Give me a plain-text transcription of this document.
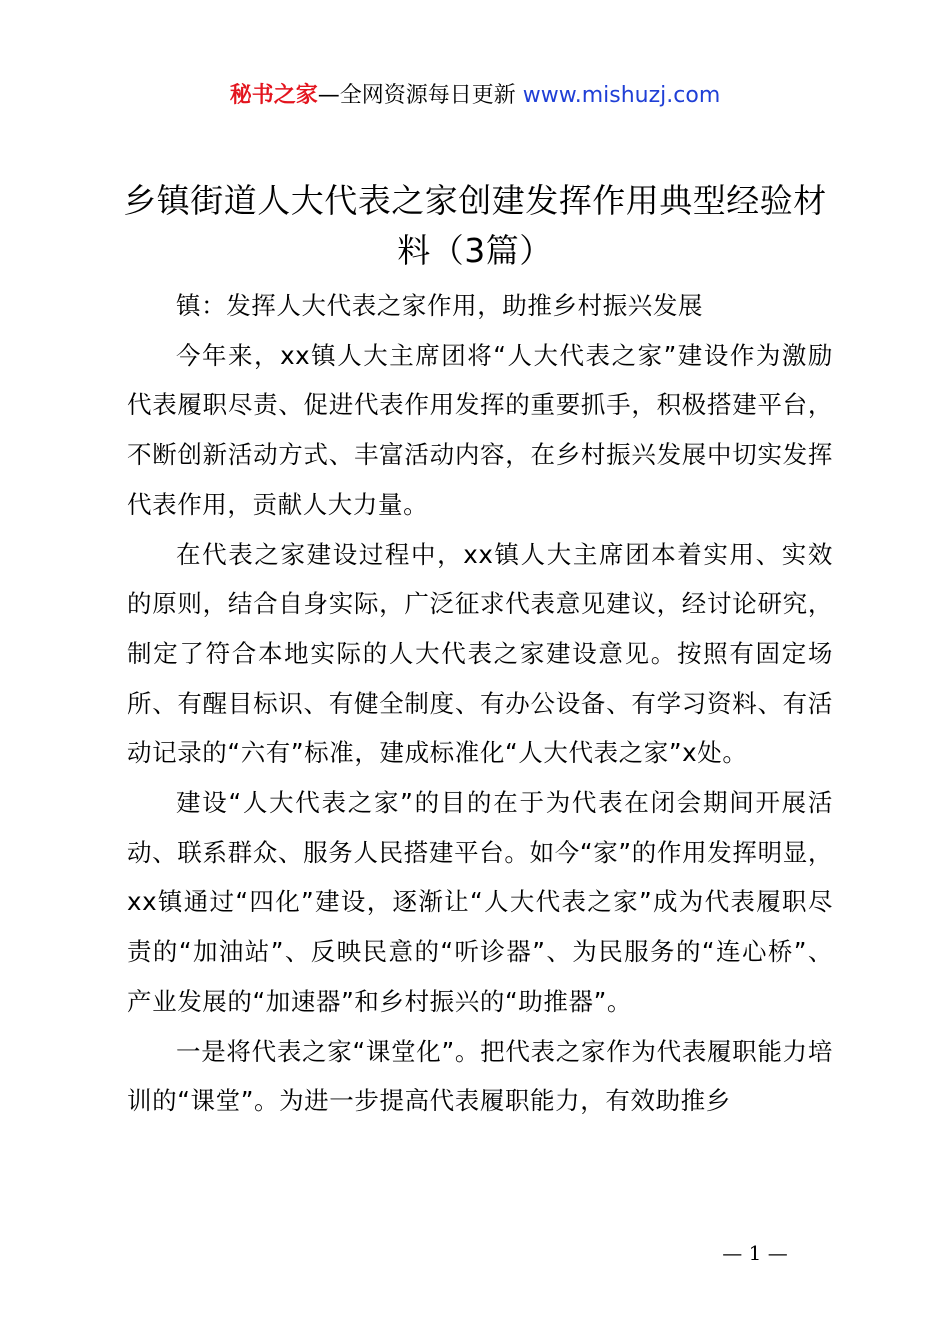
秘书之家—全网资源每日更新 www.mishuzj.com
乡镇街道人大代表之家创建发挥作用典型经验材料（3篇）

镇：发挥人大代表之家作用，助推乡村振兴发展

今年来，xx镇人大主席团将“人大代表之家”建设作为激励代表履职尽责、促进代表作用发挥的重要抓手，积极搭建平台，不断创新活动方式、丰富活动内容，在乡村振兴发展中切实发挥代表作用，贡献人大力量。

在代表之家建设过程中，xx镇人大主席团本着实用、实效的原则，结合自身实际，广泛征求代表意见建议，经讨论研究，制定了符合本地实际的人大代表之家建设意见。按照有固定场所、有醒目标识、有健全制度、有办公设备、有学习资料、有活动记录的“六有”标准，建成标准化“人大代表之家”x处。

建设“人大代表之家”的目的在于为代表在闭会期间开展活动、联系群众、服务人民搭建平台。如今“家”的作用发挥明显，xx镇通过“四化”建设，逐渐让“人大代表之家”成为代表履职尽责的“加油站”、反映民意的“听诊器”、为民服务的“连心桥”、产业发展的“加速器”和乡村振兴的“助推器”。

一是将代表之家“课堂化”。把代表之家作为代表履职能力培训的“课堂”。为进一步提高代表履职能力，有效助推乡

— 1 —
